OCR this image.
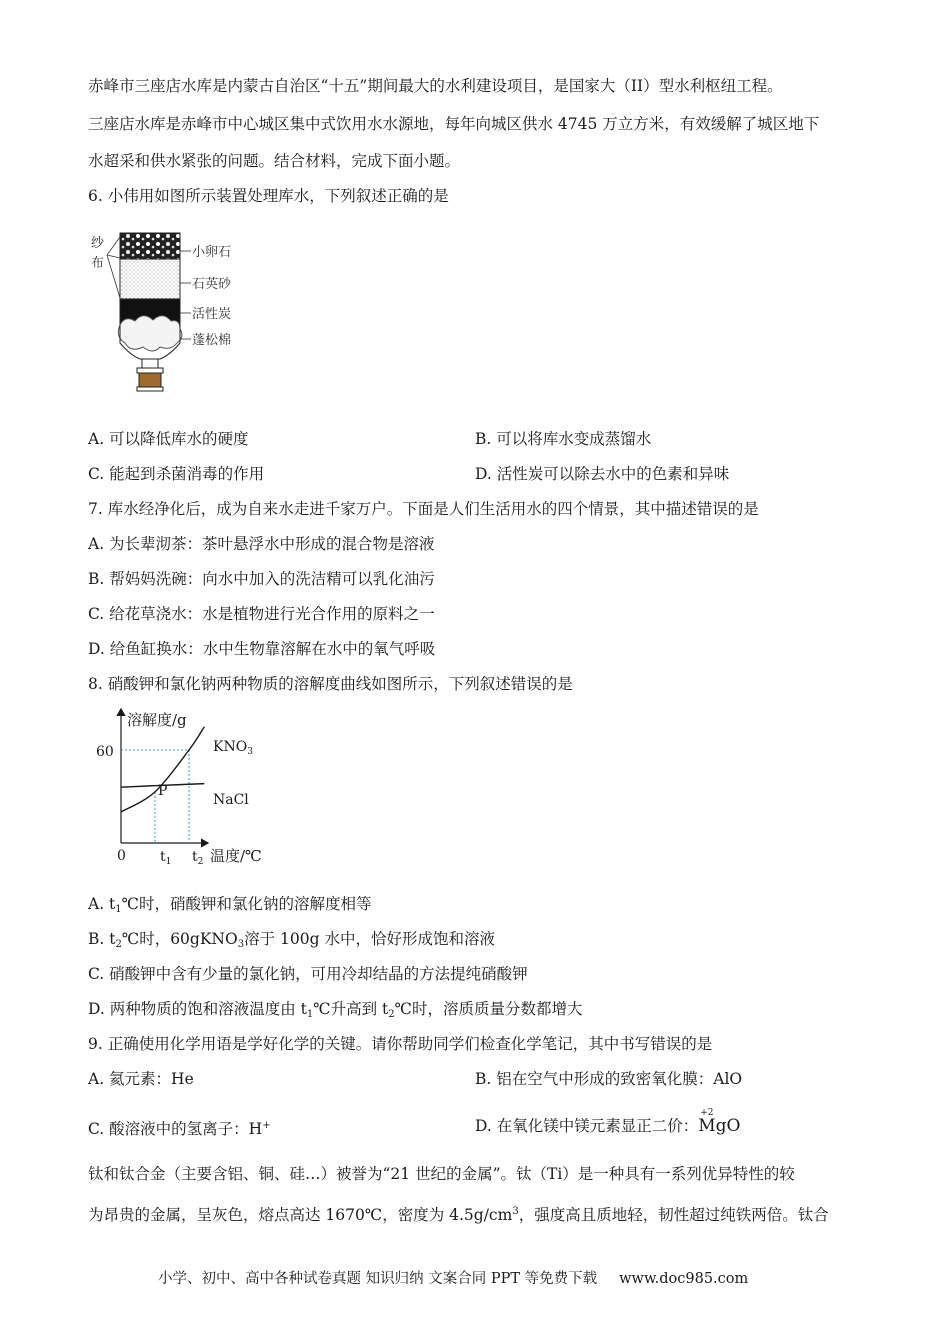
赤峰市三座店水库是内蒙古自治区“十五”期间最大的水利建设项目，是国家大（II）型水利枢纽工程。
三座店水库是赤峰市中心城区集中式饮用水水源地，每年向城区供水 4745 万立方米，有效缓解了城区地下
水超采和供水紧张的问题。结合材料，完成下面小题。
6. 小伟用如图所示装置处理库水，下列叙述正确的是
纱
布
小卵石
石英砂
活性炭
蓬松棉
A. 可以降低库水的硬度	B. 可以将库水变成蒸馏水
C. 能起到杀菌消毒的作用	D. 活性炭可以除去水中的色素和异味
7. 库水经净化后，成为自来水走进千家万户。下面是人们生活用水的四个情景，其中描述错误的是
A. 为长辈沏茶：茶叶悬浮水中形成的混合物是溶液
B. 帮妈妈洗碗：向水中加入的洗洁精可以乳化油污
C. 给花草浇水：水是植物进行光合作用的原料之一
D. 给鱼缸换水：水中生物靠溶解在水中的氧气呼吸
8. 硝酸钾和氯化钠两种物质的溶解度曲线如图所示，下列叙述错误的是
溶解度/g
60
0 $t_1$ $t_2$ 温度/℃
P
$KNO_3$
NaCl
A. $t_1℃$时，硝酸钾和氯化钠的溶解度相等
B. $t_2℃$时，60gKNO$_3$溶于 100g 水中，恰好形成饱和溶液
C. 硝酸钾中含有少量的氯化钠，可用冷却结晶的方法提纯硝酸钾
D. 两种物质的饱和溶液温度由 $t_1℃$升高到 $t_2℃$时，溶质质量分数都增大
9. 正确使用化学用语是学好化学的关键。请你帮助同学们检查化学笔记，其中书写错误的是
A. 氦元素：He	B. 铝在空气中形成的致密氧化膜：AlO
C. 酸溶液中的氢离子：H+	D. 在氧化镁中镁元素显正二价：
+2
MgO
钛和钛合金（主要含铝、铜、硅…）被誉为“21 世纪的金属”。钛（Ti）是一种具有一系列优异特性的较
为昂贵的金属，呈灰色，熔点高达 1670℃，密度为 $4.5g/cm^3$，强度高且质地轻，韧性超过纯铁两倍。钛合
小学、初中、高中各种试卷真题 知识归纳 文案合同 PPT 等免费下载 www.doc985.com
